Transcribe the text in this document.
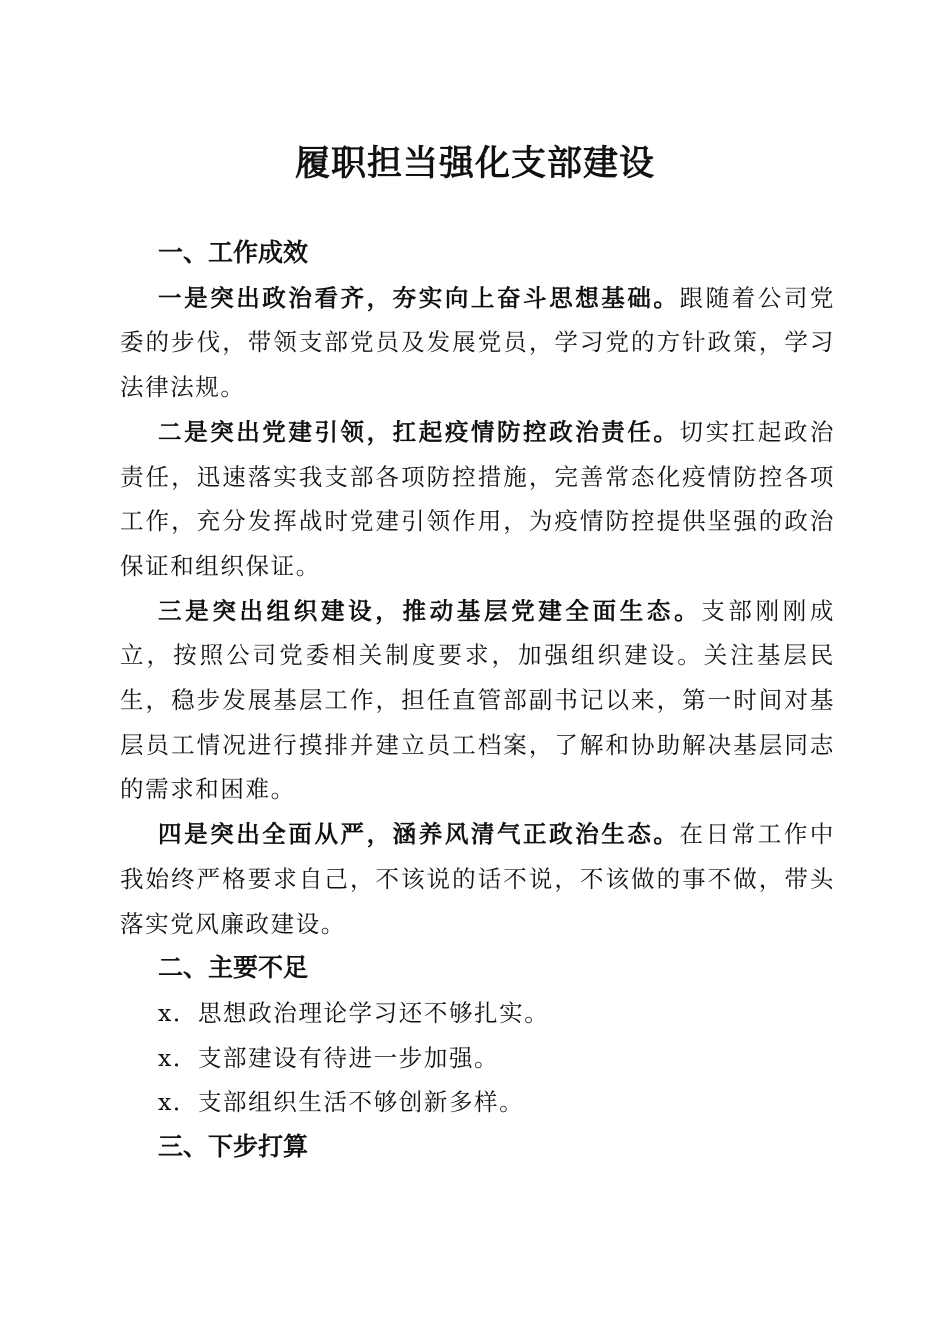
履职担当强化支部建设

一、工作成效

一是突出政治看齐，夯实向上奋斗思想基础。跟随着公司党委的步伐，带领支部党员及发展党员，学习党的方针政策，学习法律法规。

二是突出党建引领，扛起疫情防控政治责任。切实扛起政治责任，迅速落实我支部各项防控措施，完善常态化疫情防控各项工作，充分发挥战时党建引领作用，为疫情防控提供坚强的政治保证和组织保证。

三是突出组织建设，推动基层党建全面生态。支部刚刚成立，按照公司党委相关制度要求，加强组织建设。关注基层民生，稳步发展基层工作，担任直管部副书记以来，第一时间对基层员工情况进行摸排并建立员工档案，了解和协助解决基层同志的需求和困难。

四是突出全面从严，涵养风清气正政治生态。在日常工作中我始终严格要求自己，不该说的话不说，不该做的事不做，带头落实党风廉政建设。

二、主要不足

x．思想政治理论学习还不够扎实。

x．支部建设有待进一步加强。

x．支部组织生活不够创新多样。

三、下步打算
